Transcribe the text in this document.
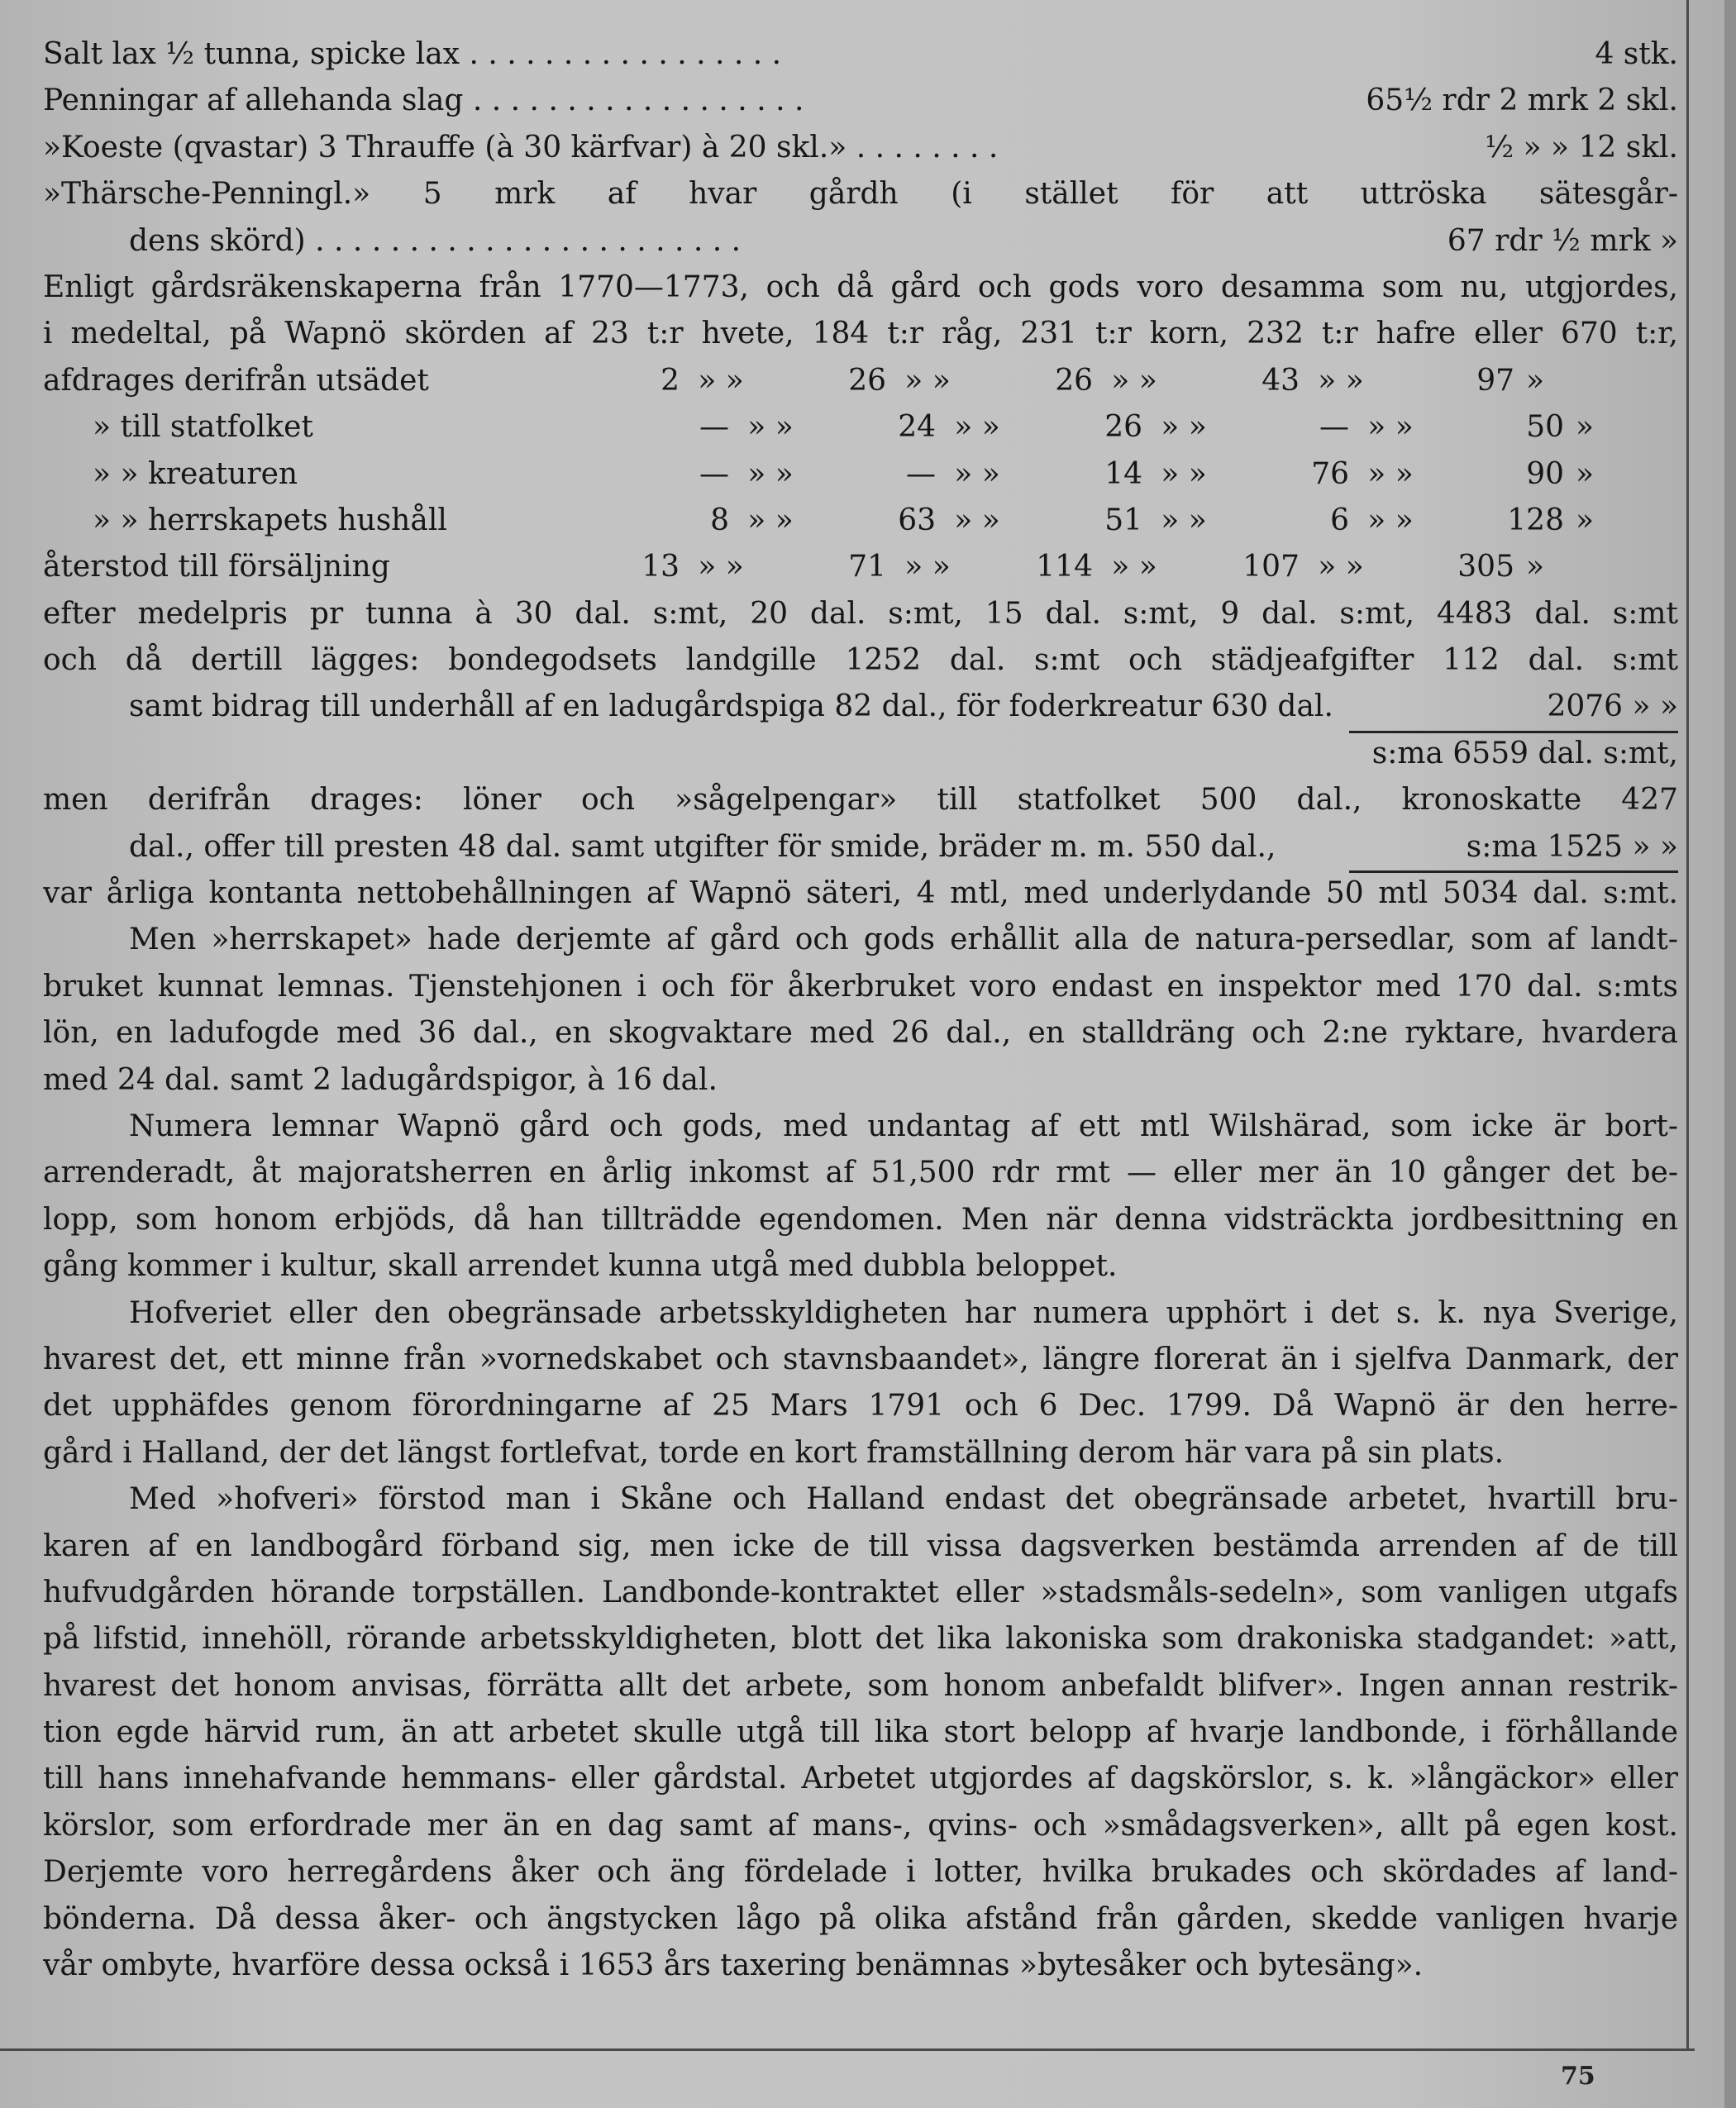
Salt lax ½ tunna, spicke lax . . . . . . . . . . . . . . . . .	4 stk.
Penningar af allehanda slag . . . . . . . . . . . . . . . . . .	65½ rdr 2 mrk 2 skl.
»Koeste (qvastar) 3 Thrauffe (à 30 kärfvar) à 20 skl.» . . . . . . . .	½ » » 12 skl.
»Thärsche-Penningl.» 5 mrk af hvar gårdh (i stället för att uttröska sätesgår-
dens skörd) . . . . . . . . . . . . . . . . . . . . . . .	67 rdr ½ mrk »
Enligt gårdsräkenskaperna från 1770—1773, och då gård och gods voro desamma som nu, utgjordes,
i medeltal, på Wapnö skörden af 23 t:r hvete, 184 t:r råg, 231 t:r korn, 232 t:r hafre eller 670 t:r,
afdrages derifrån utsädet	2 » »	26 » »	26 » »	43 » »	97 »
» till statfolket	— » »	24 » »	26 » »	— » »	50 »
» » kreaturen	— » »	— » »	14 » »	76 » »	90 »
» » herrskapets hushåll	8 » »	63 » »	51 » »	6 » »	128 »
återstod till försäljning	13 » »	71 » »	114 » »	107 » »	305 »
efter medelpris pr tunna à 30 dal. s:mt, 20 dal. s:mt, 15 dal. s:mt, 9 dal. s:mt, 4483 dal. s:mt
och då dertill lägges: bondegodsets landgille 1252 dal. s:mt och städjeafgifter 112 dal. s:mt
samt bidrag till underhåll af en ladugårdspiga 82 dal., för foderkreatur 630 dal.	2076 » »
s:ma 6559 dal. s:mt,
men derifrån drages: löner och »sågelpengar» till statfolket 500 dal., kronoskatte 427
dal., offer till presten 48 dal. samt utgifter för smide, bräder m. m. 550 dal.,	s:ma 1525 » »
var årliga kontanta nettobehållningen af Wapnö säteri, 4 mtl, med underlydande 50 mtl 5034 dal. s:mt.
Men »herrskapet» hade derjemte af gård och gods erhållit alla de natura-persedlar, som af landt-
bruket kunnat lemnas. Tjenstehjonen i och för åkerbruket voro endast en inspektor med 170 dal. s:mts
lön, en ladufogde med 36 dal., en skogvaktare med 26 dal., en stalldräng och 2:ne ryktare, hvardera
med 24 dal. samt 2 ladugårdspigor, à 16 dal.
Numera lemnar Wapnö gård och gods, med undantag af ett mtl Wilshärad, som icke är bort-
arrenderadt, åt majoratsherren en årlig inkomst af 51,500 rdr rmt — eller mer än 10 gånger det be-
lopp, som honom erbjöds, då han tillträdde egendomen. Men när denna vidsträckta jordbesittning en
gång kommer i kultur, skall arrendet kunna utgå med dubbla beloppet.
Hofveriet eller den obegränsade arbetsskyldigheten har numera upphört i det s. k. nya Sverige,
hvarest det, ett minne från »vornedskabet och stavnsbaandet», längre florerat än i sjelfva Danmark, der
det upphäfdes genom förordningarne af 25 Mars 1791 och 6 Dec. 1799. Då Wapnö är den herre-
gård i Halland, der det längst fortlefvat, torde en kort framställning derom här vara på sin plats.
Med »hofveri» förstod man i Skåne och Halland endast det obegränsade arbetet, hvartill bru-
karen af en landbogård förband sig, men icke de till vissa dagsverken bestämda arrenden af de till
hufvudgården hörande torpställen. Landbonde-kontraktet eller »stadsmåls-sedeln», som vanligen utgafs
på lifstid, innehöll, rörande arbetsskyldigheten, blott det lika lakoniska som drakoniska stadgandet: »att,
hvarest det honom anvisas, förrätta allt det arbete, som honom anbefaldt blifver». Ingen annan restrik-
tion egde härvid rum, än att arbetet skulle utgå till lika stort belopp af hvarje landbonde, i förhållande
till hans innehafvande hemmans- eller gårdstal. Arbetet utgjordes af dagskörslor, s. k. »långäckor» eller
körslor, som erfordrade mer än en dag samt af mans-, qvins- och »smådagsverken», allt på egen kost.
Derjemte voro herregårdens åker och äng fördelade i lotter, hvilka brukades och skördades af land-
bönderna. Då dessa åker- och ängstycken lågo på olika afstånd från gården, skedde vanligen hvarje
vår ombyte, hvarföre dessa också i 1653 års taxering benämnas »bytesåker och bytesäng».
75
